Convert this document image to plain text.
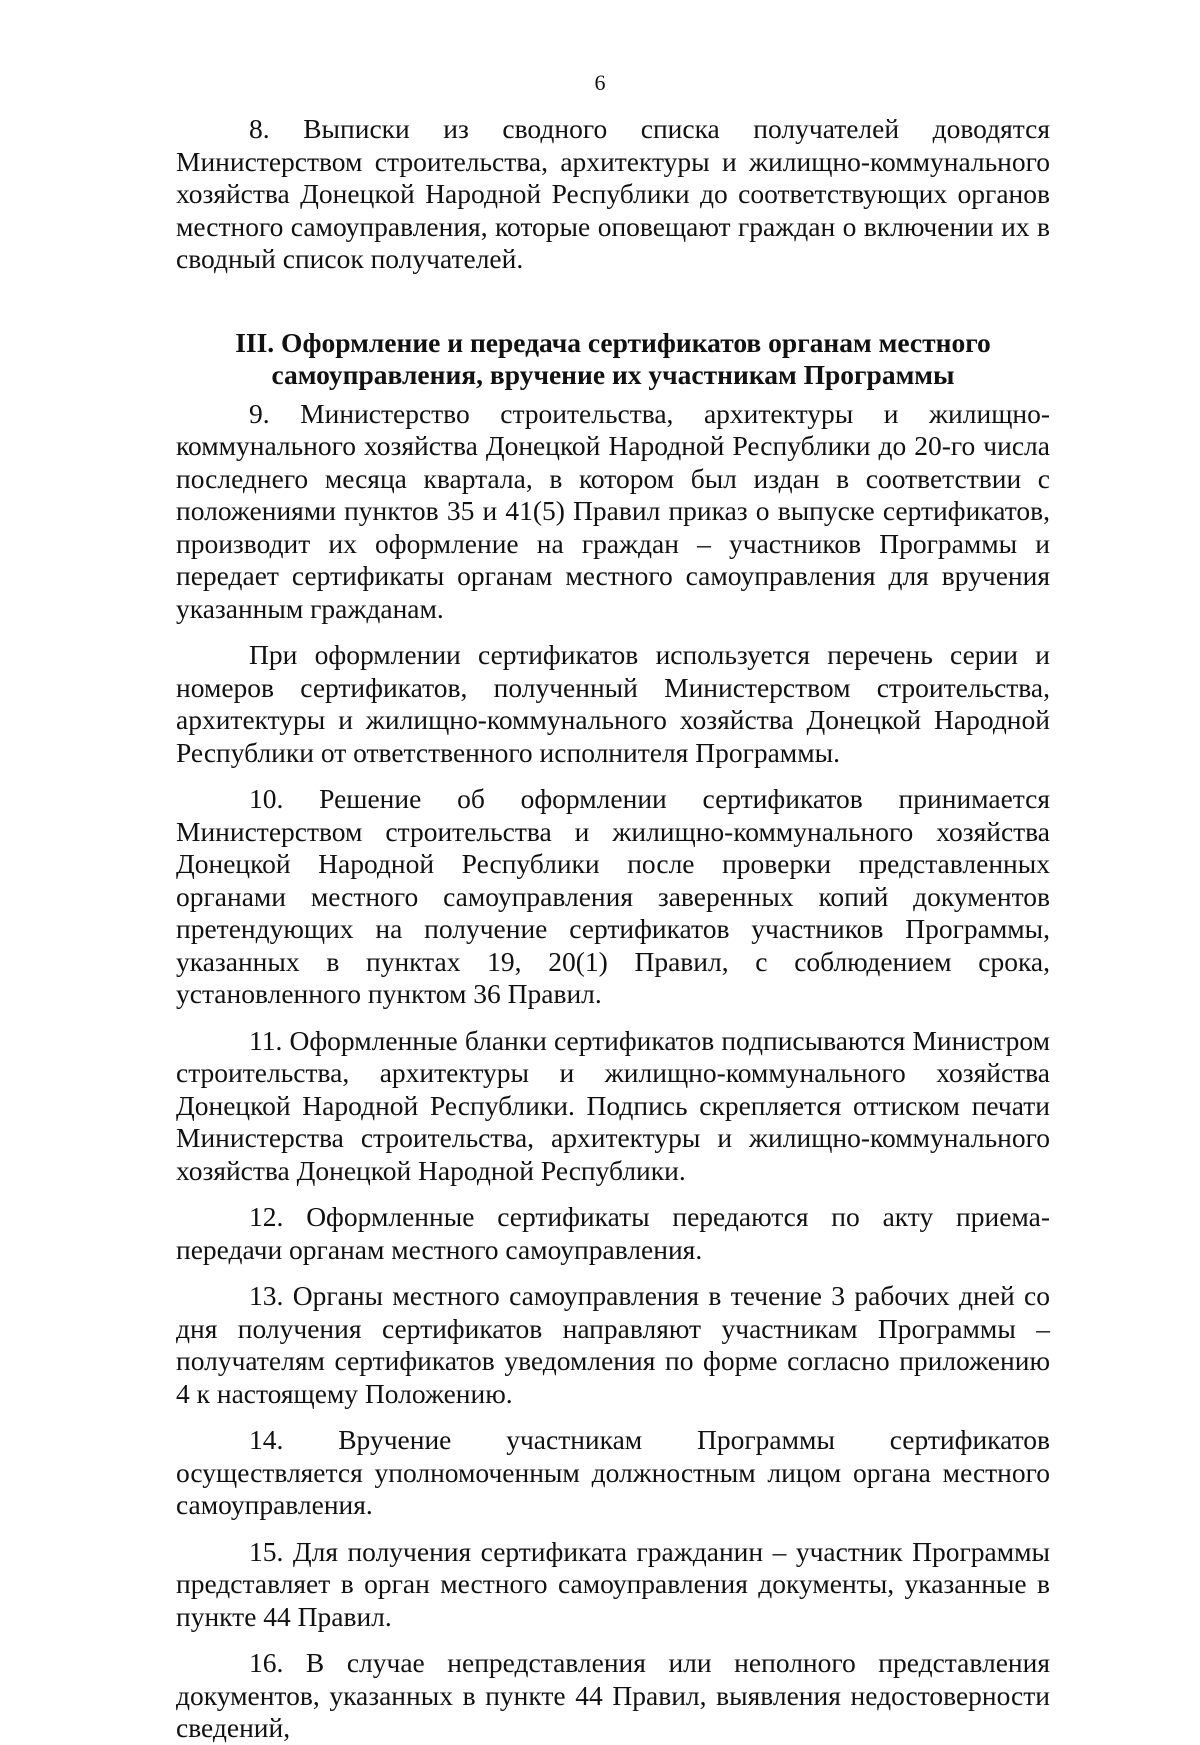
6

8. Выписки из сводного списка получателей доводятся Министерством строительства, архитектуры и жилищно-коммунального хозяйства Донецкой Народной Республики до соответствующих органов местного самоуправления, которые оповещают граждан о включении их в сводный список получателей.

III. Оформление и передача сертификатов органам местного
самоуправления, вручение их участникам Программы

9. Министерство строительства, архитектуры и жилищно-коммунального хозяйства Донецкой Народной Республики до 20-го числа последнего месяца квартала, в котором был издан в соответствии с положениями пунктов 35 и 41(5) Правил приказ о выпуске сертификатов, производит их оформление на граждан – участников Программы и передает сертификаты органам местного самоуправления для вручения указанным гражданам.

При оформлении сертификатов используется перечень серии и номеров сертификатов, полученный Министерством строительства, архитектуры и жилищно-коммунального хозяйства Донецкой Народной Республики от ответственного исполнителя Программы.

10. Решение об оформлении сертификатов принимается Министерством строительства и жилищно-коммунального хозяйства Донецкой Народной Республики после проверки представленных органами местного самоуправления заверенных копий документов претендующих на получение сертификатов участников Программы, указанных в пунктах 19, 20(1) Правил, с соблюдением срока, установленного пунктом 36 Правил.

11. Оформленные бланки сертификатов подписываются Министром строительства, архитектуры и жилищно-коммунального хозяйства Донецкой Народной Республики. Подпись скрепляется оттиском печати Министерства строительства, архитектуры и жилищно-коммунального хозяйства Донецкой Народной Республики.

12. Оформленные сертификаты передаются по акту приема-передачи органам местного самоуправления.

13. Органы местного самоуправления в течение 3 рабочих дней со дня получения сертификатов направляют участникам Программы – получателям сертификатов уведомления по форме согласно приложению 4 к настоящему Положению.

14. Вручение участникам Программы сертификатов осуществляется уполномоченным должностным лицом органа местного самоуправления.

15. Для получения сертификата гражданин – участник Программы представляет в орган местного самоуправления документы, указанные в пункте 44 Правил.

16. В случае непредставления или неполного представления документов, указанных в пункте 44 Правил, выявления недостоверности сведений,
